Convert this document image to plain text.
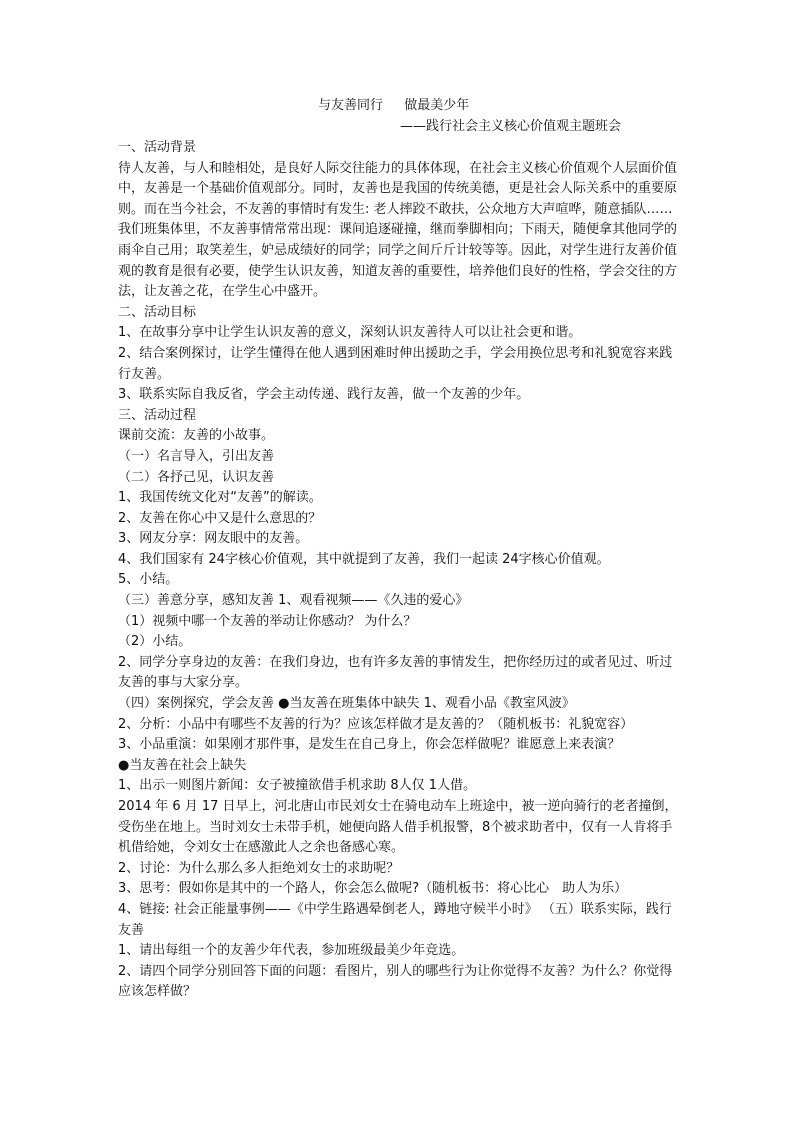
与友善同行　  做最美少年
——践行社会主义核心价值观主题班会

一、活动背景

待人友善，与人和睦相处，是良好人际交往能力的具体体现，在社会主义核心价值观个人层面价值中，友善是一个基础价值观部分。同时，友善也是我国的传统美德，更是社会人际关系中的重要原则。而在当今社会，不友善的事情时有发生: 老人摔跤不敢扶，公众地方大声喧哗，随意插队……我们班集体里，不友善事情常常出现：课间追逐碰撞，继而拳脚相向；下雨天，随便拿其他同学的雨伞自己用；取笑差生，妒忌成绩好的同学；同学之间斤斤计较等等。因此，对学生进行友善价值观的教育是很有必要，使学生认识友善，知道友善的重要性，培养他们良好的性格，学会交往的方法，让友善之花，在学生心中盛开。

二、活动目标

1、在故事分享中让学生认识友善的意义，深刻认识友善待人可以让社会更和谐。

2、结合案例探讨，让学生懂得在他人遇到困难时伸出援助之手，学会用换位思考和礼貌宽容来践行友善。

3、联系实际自我反省，学会主动传递、践行友善，做一个友善的少年。

三、活动过程

课前交流：友善的小故事。

（一）名言导入，引出友善

（二）各抒己见，认识友善

1、我国传统文化对“友善”的解读。

2、友善在你心中又是什么意思的？

3、网友分享：网友眼中的友善。

4、我们国家有 24字核心价值观，其中就提到了友善，我们一起读 24字核心价值观。

5、小结。

（三）善意分享，感知友善 1、观看视频——《久违的爱心》

（1）视频中哪一个友善的举动让你感动？ 为什么？

（2）小结。

2、同学分享身边的友善：在我们身边，也有许多友善的事情发生，把你经历过的或者见过、听过友善的事与大家分享。

（四）案例探究，学会友善 ●当友善在班集体中缺失 1、观看小品《教室风波》

2、分析：小品中有哪些不友善的行为？应该怎样做才是友善的？（随机板书：礼貌宽容）

3、小品重演：如果刚才那件事，是发生在自己身上，你会怎样做呢？谁愿意上来表演？

●当友善在社会上缺失

1、出示一则图片新闻：女子被撞欲借手机求助 8人仅 1人借。

2014 年 6 月 17 日早上，河北唐山市民刘女士在骑电动车上班途中，被一逆向骑行的老者撞倒，受伤坐在地上。当时刘女士未带手机，她便向路人借手机报警，8个被求助者中，仅有一人肯将手机借给她，令刘女士在感激此人之余也备感心寒。

2、讨论：为什么那么多人拒绝刘女士的求助呢？

3、思考：假如你是其中的一个路人，你会怎么做呢?（随机板书：将心比心　助人为乐）

4、链接: 社会正能量事例——《中学生路遇晕倒老人，蹲地守候半小时》 （五）联系实际，践行友善

1、请出每组一个的友善少年代表，参加班级最美少年竞选。

2、请四个同学分别回答下面的问题：看图片，别人的哪些行为让你觉得不友善？为什么？你觉得应该怎样做？
